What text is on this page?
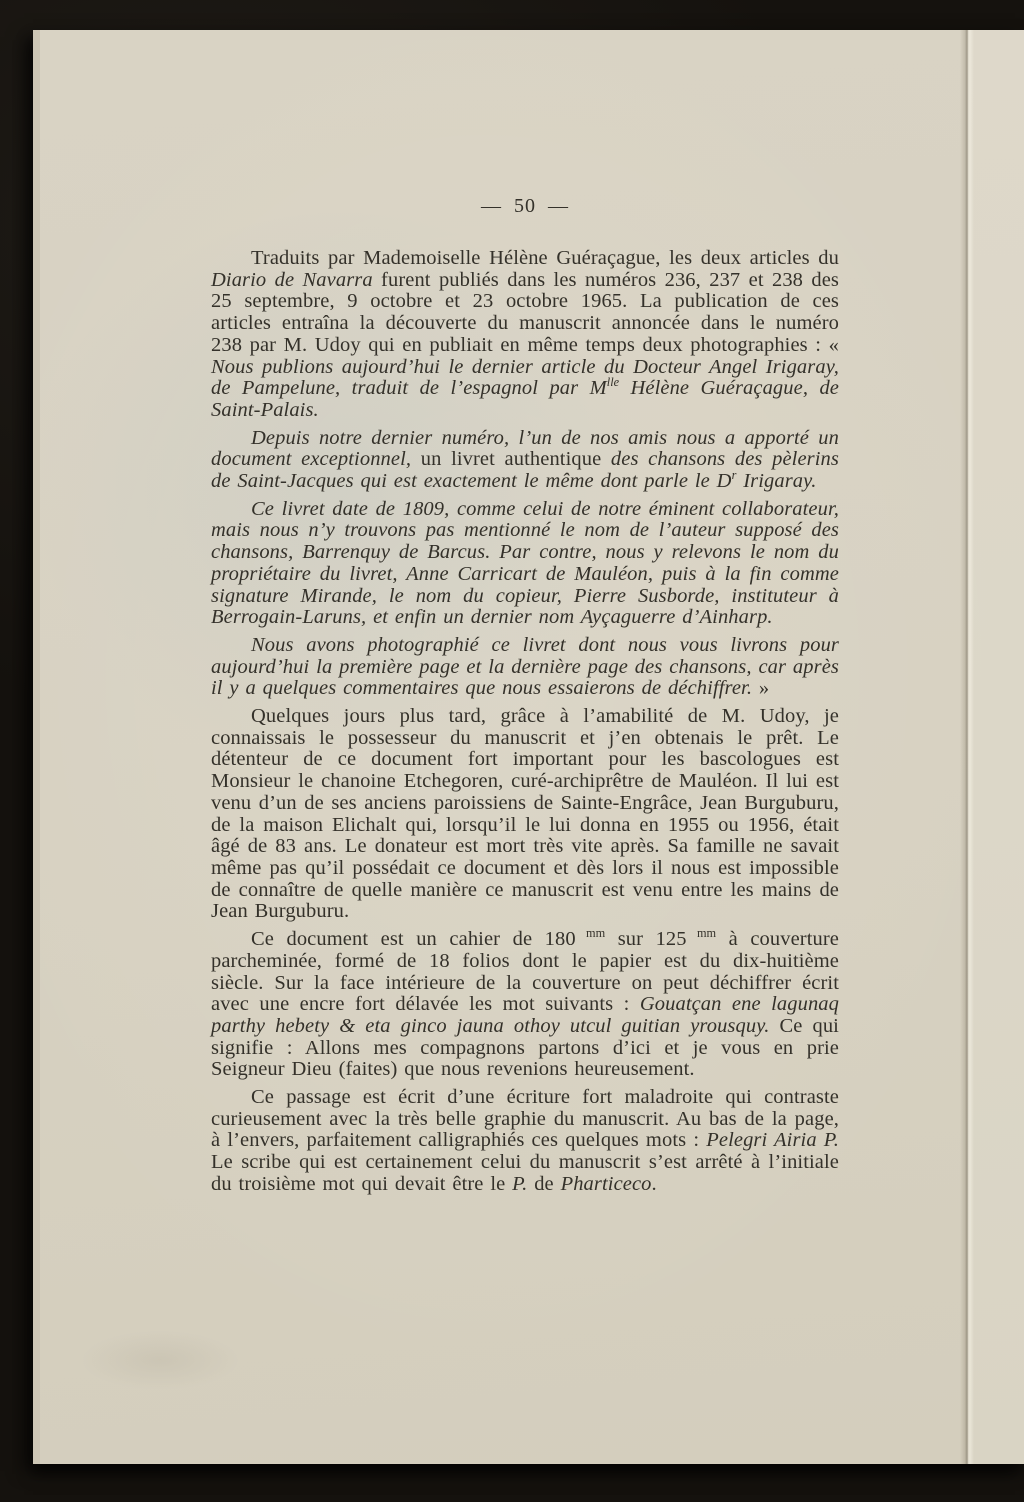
— 50 —

Traduits par Mademoiselle Hélène Guéraçague, les deux articles du Diario de Navarra furent publiés dans les numéros 236, 237 et 238 des 25 septembre, 9 octobre et 23 octobre 1965. La publication de ces articles entraîna la découverte du manuscrit annoncée dans le numéro 238 par M. Udoy qui en publiait en même temps deux photographies : « Nous publions aujourd’hui le dernier article du Docteur Angel Irigaray, de Pampelune, traduit de l’espagnol par $M^{lle}$ Hélène Guéraçague, de Saint-Palais.

Depuis notre dernier numéro, l’un de nos amis nous a apporté un document exceptionnel, un livret authentique des chansons des pèlerins de Saint-Jacques qui est exactement le même dont parle le $D^r$ Irigaray.

Ce livret date de 1809, comme celui de notre éminent collaborateur, mais nous n’y trouvons pas mentionné le nom de l’auteur supposé des chansons, Barrenquy de Barcus. Par contre, nous y relevons le nom du propriétaire du livret, Anne Carricart de Mauléon, puis à la fin comme signature Mirande, le nom du copieur, Pierre Susborde, instituteur à Berrogain-Laruns, et enfin un dernier nom Ayçaguerre d’Ainharp.

Nous avons photographié ce livret dont nous vous livrons pour aujourd’hui la première page et la dernière page des chansons, car après il y a quelques commentaires que nous essaierons de déchiffrer. »

Quelques jours plus tard, grâce à l’amabilité de M. Udoy, je connaissais le possesseur du manuscrit et j’en obtenais le prêt. Le détenteur de ce document fort important pour les bascologues est Monsieur le chanoine Etchegoren, curé-archiprêtre de Mauléon. Il lui est venu d’un de ses anciens paroissiens de Sainte-Engrâce, Jean Burguburu, de la maison Elichalt qui, lorsqu’il le lui donna en 1955 ou 1956, était âgé de 83 ans. Le donateur est mort très vite après. Sa famille ne savait même pas qu’il possédait ce document et dès lors il nous est impossible de connaître de quelle manière ce manuscrit est venu entre les mains de Jean Burguburu.

Ce document est un cahier de 180 $^{mm}$ sur 125 $^{mm}$ à couverture parcheminée, formé de 18 folios dont le papier est du dix-huitième siècle. Sur la face intérieure de la couverture on peut déchiffrer écrit avec une encre fort délavée les mot suivants : Gouatçan ene lagunaq parthy hebety & eta ginco jauna othoy utcul guitian yrousquy. Ce qui signifie : Allons mes compagnons partons d’ici et je vous en prie Seigneur Dieu (faites) que nous revenions heureusement.

Ce passage est écrit d’une écriture fort maladroite qui contraste curieusement avec la très belle graphie du manuscrit. Au bas de la page, à l’envers, parfaitement calligraphiés ces quelques mots : Pelegri Airia P. Le scribe qui est certainement celui du manuscrit s’est arrêté à l’initiale du troisième mot qui devait être le P. de Pharticeco.
